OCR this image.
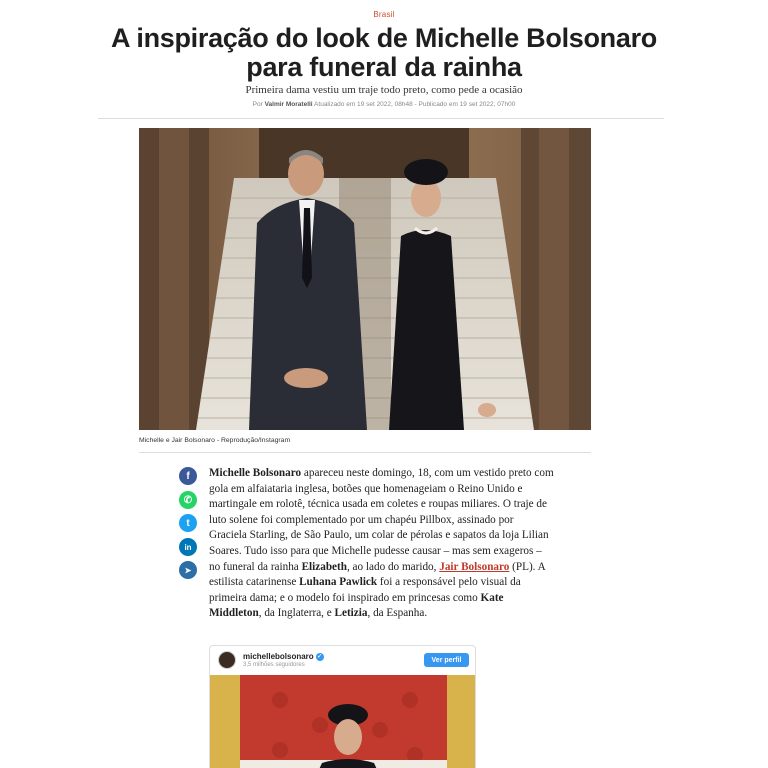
Brasil
A inspiração do look de Michelle Bolsonaro para funeral da rainha
Primeira dama vestiu um traje todo preto, como pede a ocasião
Por Valmir Moratelli Atualizado em 19 set 2022, 08h48 - Publicado em 19 set 2022, 07h00
Michelle e Jair Bolsonaro - Reprodução/Instagram
f
✆
t
in
➤

Michelle Bolsonaro apareceu neste domingo, 18, com um vestido preto com gola em alfaiataria inglesa, botões que homenageiam o Reino Unido e martingale em rolotê, técnica usada em coletes e roupas miliares. O traje de luto solene foi complementado por um chapéu Pillbox, assinado por Graciela Starling, de São Paulo, um colar de pérolas e sapatos da loja Lilian Soares. Tudo isso para que Michelle pudesse causar – mas sem exageros – no funeral da rainha Elizabeth, ao lado do marido, Jair Bolsonaro (PL). A estilista catarinense Luhana Pawlick foi a responsável pelo visual da primeira dama; e o modelo foi inspirado em princesas como Kate Middleton, da Inglaterra, e Letizia, da Espanha.

michellebolsonaro ✓
3,5 milhões seguidores
Ver perfil
